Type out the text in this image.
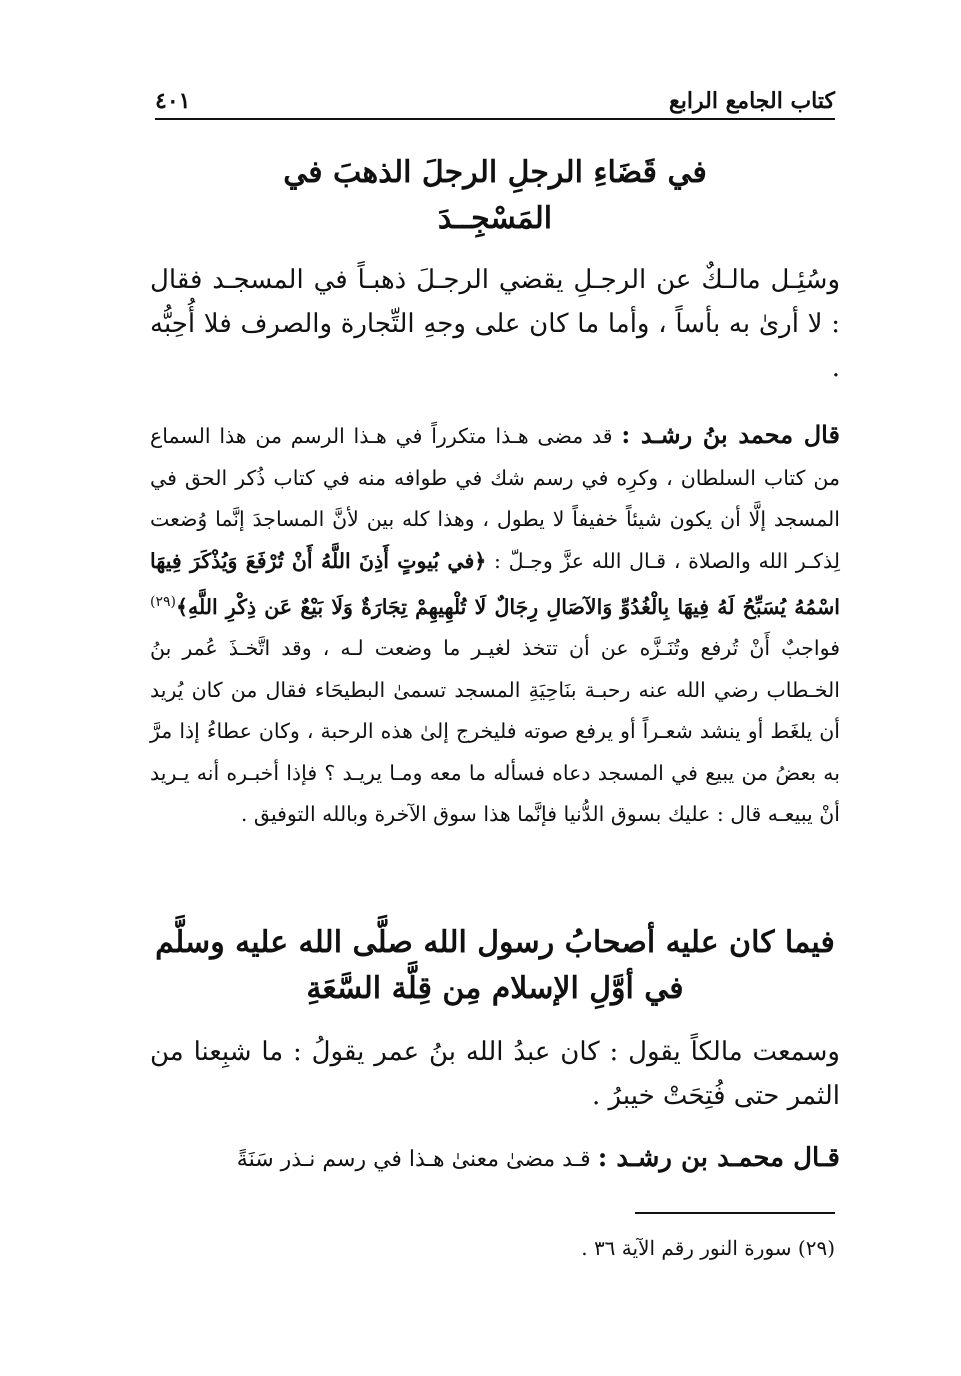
كتاب الجامع الرابع
٤٠١
في قَضَاءِ الرجلِ الرجلَ الذهبَ في
المَسْجِــدَ

وسُئِـل مالـكٌ عن الرجـلِ يقضي الرجـلَ ذهبـاً في المسجـد فقال : لا أرىٰ به بأساً ، وأما ما كان على وجهِ التِّجارة والصرف فلا أُحِبُّه .

قال محمد بنُ رشـد : قد مضى هـذا متكرراً في هـذا الرسم من هذا السماع من كتاب السلطان ، وكرِه في رسم شك في طوافه منه في كتاب ذُكر الحق في المسجد إلَّا أن يكون شيئاً خفيفاً لا يطول ، وهذا كله بين لأنَّ المساجدَ إنَّما وُضعت لِذكـر الله والصلاة ، قـال الله عزَّ وجـلّ : ﴿في بُيوتٍ أَذِنَ اللَّهُ أَنْ تُرْفَعَ وَيُذْكَرَ فِيهَا اسْمُهُ يُسَبِّحُ لَهُ فِيهَا بِالْغُدُوِّ وَالآصَالِ رِجَالٌ لَا تُلْهِيهِمْ تِجَارَةٌ وَلَا بَيْعٌ عَن ذِكْرِ اللَّهِ﴾$^{(٢٩)}$ فواجبٌ أَنْ تُرفع وتُنَـزَّه عن أن تتخذ لغيـر ما وضعت لـه ، وقد اتَّخـذَ عُمر بنُ الخـطاب رضي الله عنه رحبـة بنَاحِيَةِ المسجد تسمىٰ البطيحَاء فقال من كان يُريد أن يلغَط أو ينشد شعـراً أو يرفع صوته فليخرج إلىٰ هذه الرحبة ، وكان عطاءُ إذا مرَّ به بعضُ من يبيع في المسجد دعاه فسأله ما معه ومـا يريـد ؟ فإذا أخبـره أنه يـريد أنْ يبيعـه قال : عليك بسوق الدُّنيا فإنَّما هذا سوق الآخرة وبالله التوفيق .

فيما كان عليه أصحابُ رسول الله صلَّى الله عليه وسلَّم
في أوَّلِ الإسلام مِن قِلَّة السَّعَةِ

وسمعت مالكاً يقول : كان عبدُ الله بنُ عمر يقولُ : ما شبِعنا من الثمر حتى فُتِحَتْ خيبرُ .

قـال محمـد بن رشـد : قـد مضىٰ معنىٰ هـذا في رسم نـذر سَنَةً

(٢٩) سورة النور رقم الآية ٣٦ .
